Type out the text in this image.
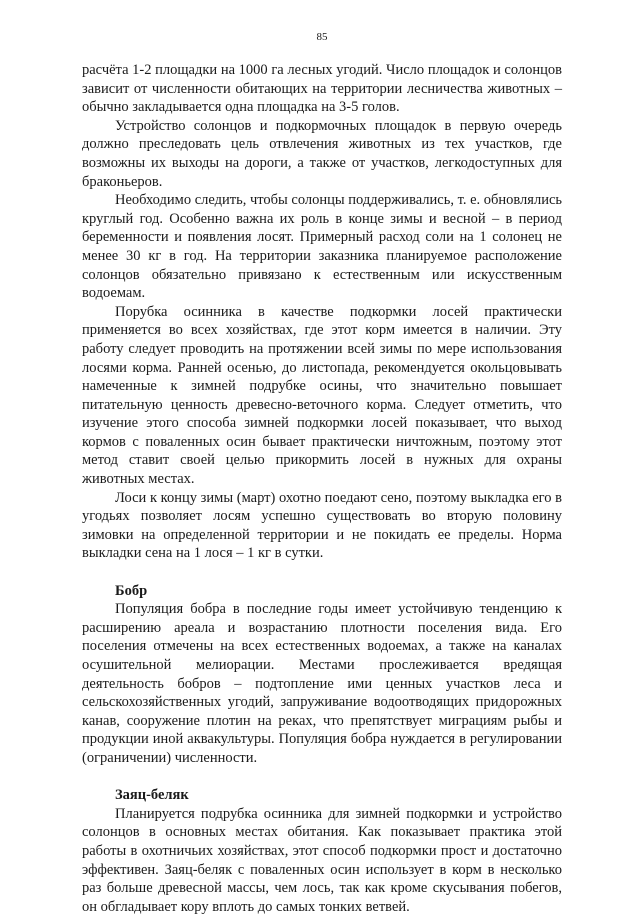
85

расчёта 1-2 площадки на 1000 га лесных угодий. Число площадок и солонцов зависит от численности обитающих на территории лесничества животных – обычно закладывается одна площадка на 3-5 голов.

Устройство солонцов и подкормочных площадок в первую очередь должно преследовать цель отвлечения животных из тех участков, где возможны их выходы на дороги, а также от участков, легкодоступных для браконьеров.

Необходимо следить, чтобы солонцы поддерживались, т. е. обновлялись круглый год. Особенно важна их роль в конце зимы и весной – в период беременности и появления лосят. Примерный расход соли на 1 солонец не менее 30 кг в год. На территории заказника планируемое расположение солонцов обязательно привязано к естественным или искусственным водоемам.

Порубка осинника в качестве подкормки лосей практически применяется во всех хозяйствах, где этот корм имеется в наличии. Эту работу следует проводить на протяжении всей зимы по мере использования лосями корма. Ранней осенью, до листопада, рекомендуется окольцовывать намеченные к зимней подрубке осины, что значительно повышает питательную ценность древесно-веточного корма. Следует отметить, что изучение этого способа зимней подкормки лосей показывает, что выход кормов с поваленных осин бывает практически ничтожным, поэтому этот метод ставит своей целью прикормить лосей в нужных для охраны животных местах.

Лоси к концу зимы (март) охотно поедают сено, поэтому выкладка его в угодьях позволяет лосям успешно существовать во вторую половину зимовки на определенной территории и не покидать ее пределы. Норма выкладки сена на 1 лося – 1 кг в сутки.

Бобр

Популяция бобра в последние годы имеет устойчивую тенденцию к расширению ареала и возрастанию плотности поселения вида. Его поселения отмечены на всех естественных водоемах, а также на каналах осушительной мелиорации. Местами прослеживается вредящая деятельность бобров – подтопление ими ценных участков леса и сельскохозяйственных угодий, запруживание водоотводящих придорожных канав, сооружение плотин на реках, что препятствует миграциям рыбы и продукции иной аквакультуры. Популяция бобра нуждается в регулировании (ограничении) численности.

Заяц-беляк

Планируется подрубка осинника для зимней подкормки и устройство солонцов в основных местах обитания. Как показывает практика этой работы в охотничьих хозяйствах, этот способ подкормки прост и достаточно эффективен. Заяц-беляк с поваленных осин использует в корм в несколько раз больше древесной массы, чем лось, так как кроме скусывания побегов, он обгладывает кору вплоть до самых тонких ветвей.
